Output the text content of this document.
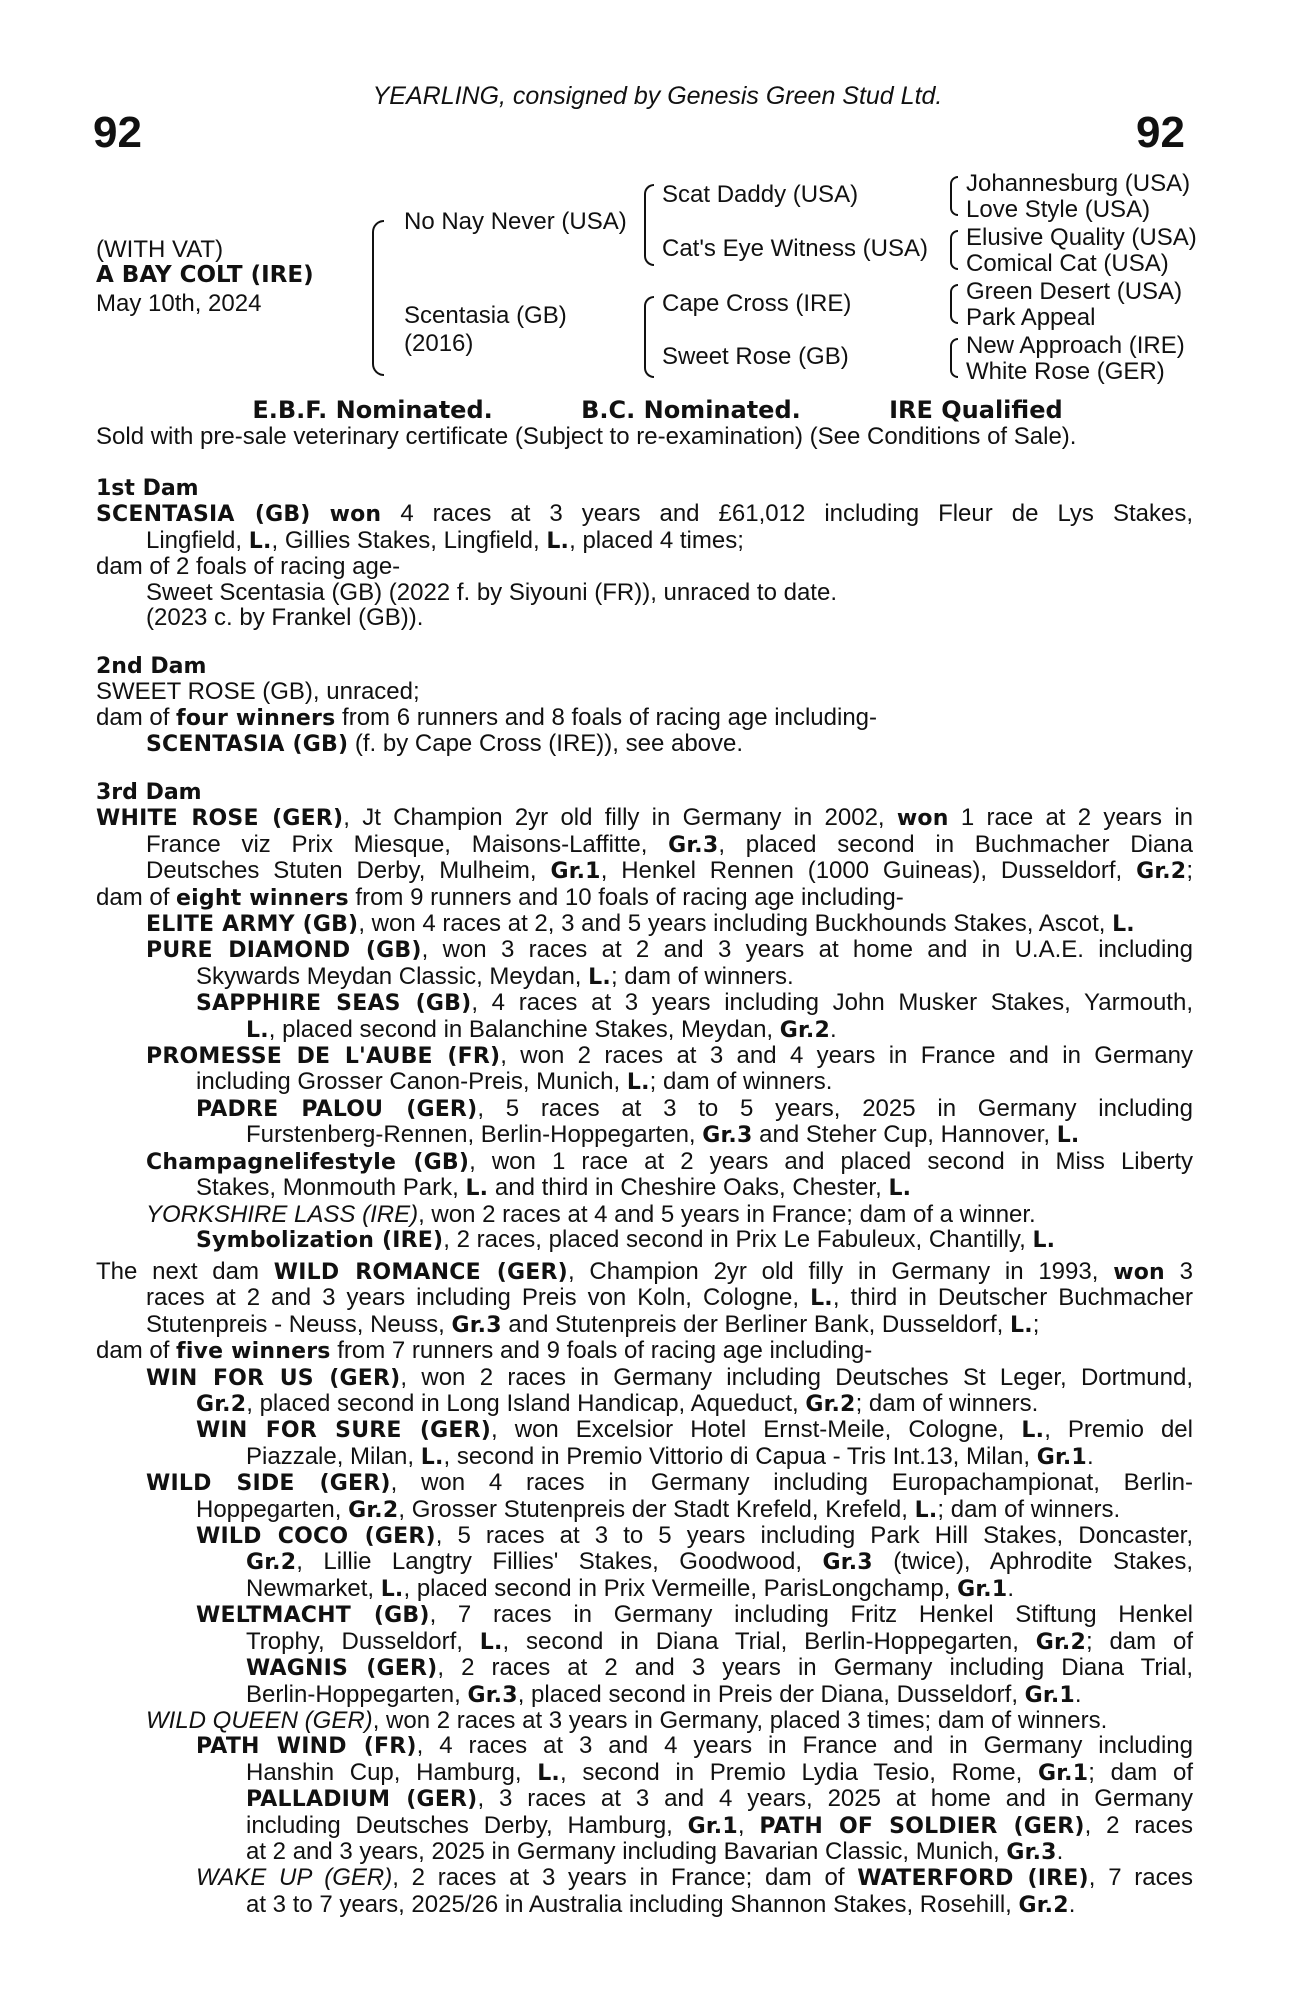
YEARLING, consigned by Genesis Green Stud Ltd.
92	92
(WITH VAT)
A BAY COLT (IRE)
May 10th, 2024
No Nay Never (USA)
Scentasia (GB)
(2016)
Scat Daddy (USA)
Cat's Eye Witness (USA)
Cape Cross (IRE)
Sweet Rose (GB)
Johannesburg (USA)
Love Style (USA)
Elusive Quality (USA)
Comical Cat (USA)
Green Desert (USA)
Park Appeal
New Approach (IRE)
White Rose (GER)
E.B.F. Nominated.	B.C. Nominated.	IRE Qualified
Sold with pre-sale veterinary certificate (Subject to re-examination) (See Conditions of Sale).
1st Dam
SCENTASIA (GB) won 4 races at 3 years and £61,012 including Fleur de Lys Stakes,
Lingfield, L., Gillies Stakes, Lingfield, L., placed 4 times;
dam of 2 foals of racing age-
Sweet Scentasia (GB) (2022 f. by Siyouni (FR)), unraced to date.
(2023 c. by Frankel (GB)).
2nd Dam
SWEET ROSE (GB), unraced;
dam of four winners from 6 runners and 8 foals of racing age including-
SCENTASIA (GB) (f. by Cape Cross (IRE)), see above.
3rd Dam
WHITE ROSE (GER), Jt Champion 2yr old filly in Germany in 2002, won 1 race at 2 years in
France viz Prix Miesque, Maisons-Laffitte, Gr.3, placed second in Buchmacher Diana
Deutsches Stuten Derby, Mulheim, Gr.1, Henkel Rennen (1000 Guineas), Dusseldorf, Gr.2;
dam of eight winners from 9 runners and 10 foals of racing age including-
ELITE ARMY (GB), won 4 races at 2, 3 and 5 years including Buckhounds Stakes, Ascot, L.
PURE DIAMOND (GB), won 3 races at 2 and 3 years at home and in U.A.E. including
Skywards Meydan Classic, Meydan, L.; dam of winners.
SAPPHIRE SEAS (GB), 4 races at 3 years including John Musker Stakes, Yarmouth,
L., placed second in Balanchine Stakes, Meydan, Gr.2.
PROMESSE DE L'AUBE (FR), won 2 races at 3 and 4 years in France and in Germany
including Grosser Canon-Preis, Munich, L.; dam of winners.
PADRE PALOU (GER), 5 races at 3 to 5 years, 2025 in Germany including
Furstenberg-Rennen, Berlin-Hoppegarten, Gr.3 and Steher Cup, Hannover, L.
Champagnelifestyle (GB), won 1 race at 2 years and placed second in Miss Liberty
Stakes, Monmouth Park, L. and third in Cheshire Oaks, Chester, L.
YORKSHIRE LASS (IRE), won 2 races at 4 and 5 years in France; dam of a winner.
Symbolization (IRE), 2 races, placed second in Prix Le Fabuleux, Chantilly, L.
The next dam WILD ROMANCE (GER), Champion 2yr old filly in Germany in 1993, won 3
races at 2 and 3 years including Preis von Koln, Cologne, L., third in Deutscher Buchmacher
Stutenpreis - Neuss, Neuss, Gr.3 and Stutenpreis der Berliner Bank, Dusseldorf, L.;
dam of five winners from 7 runners and 9 foals of racing age including-
WIN FOR US (GER), won 2 races in Germany including Deutsches St Leger, Dortmund,
Gr.2, placed second in Long Island Handicap, Aqueduct, Gr.2; dam of winners.
WIN FOR SURE (GER), won Excelsior Hotel Ernst-Meile, Cologne, L., Premio del
Piazzale, Milan, L., second in Premio Vittorio di Capua - Tris Int.13, Milan, Gr.1.
WILD SIDE (GER), won 4 races in Germany including Europachampionat, Berlin-
Hoppegarten, Gr.2, Grosser Stutenpreis der Stadt Krefeld, Krefeld, L.; dam of winners.
WILD COCO (GER), 5 races at 3 to 5 years including Park Hill Stakes, Doncaster,
Gr.2, Lillie Langtry Fillies' Stakes, Goodwood, Gr.3 (twice), Aphrodite Stakes,
Newmarket, L., placed second in Prix Vermeille, ParisLongchamp, Gr.1.
WELTMACHT (GB), 7 races in Germany including Fritz Henkel Stiftung Henkel
Trophy, Dusseldorf, L., second in Diana Trial, Berlin-Hoppegarten, Gr.2; dam of
WAGNIS (GER), 2 races at 2 and 3 years in Germany including Diana Trial,
Berlin-Hoppegarten, Gr.3, placed second in Preis der Diana, Dusseldorf, Gr.1.
WILD QUEEN (GER), won 2 races at 3 years in Germany, placed 3 times; dam of winners.
PATH WIND (FR), 4 races at 3 and 4 years in France and in Germany including
Hanshin Cup, Hamburg, L., second in Premio Lydia Tesio, Rome, Gr.1; dam of
PALLADIUM (GER), 3 races at 3 and 4 years, 2025 at home and in Germany
including Deutsches Derby, Hamburg, Gr.1, PATH OF SOLDIER (GER), 2 races
at 2 and 3 years, 2025 in Germany including Bavarian Classic, Munich, Gr.3.
WAKE UP (GER), 2 races at 3 years in France; dam of WATERFORD (IRE), 7 races
at 3 to 7 years, 2025/26 in Australia including Shannon Stakes, Rosehill, Gr.2.
